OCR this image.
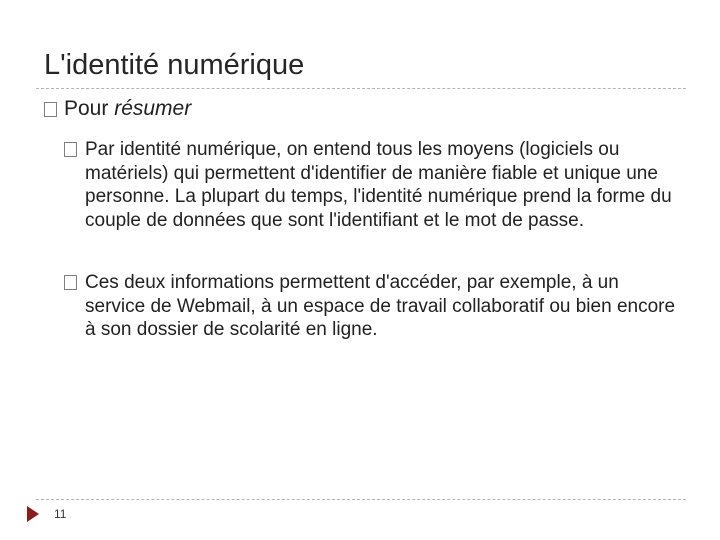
L'identité numérique
Pour résumer
Par identité numérique, on entend tous les moyens (logiciels ou matériels) qui permettent d'identifier de manière fiable et unique une personne. La plupart du temps, l'identité numérique prend la forme du couple de données que sont l'identifiant et le mot de passe.
Ces deux informations permettent d'accéder, par exemple, à un service de Webmail, à un espace de travail collaboratif ou bien encore à son dossier de scolarité en ligne.
11
